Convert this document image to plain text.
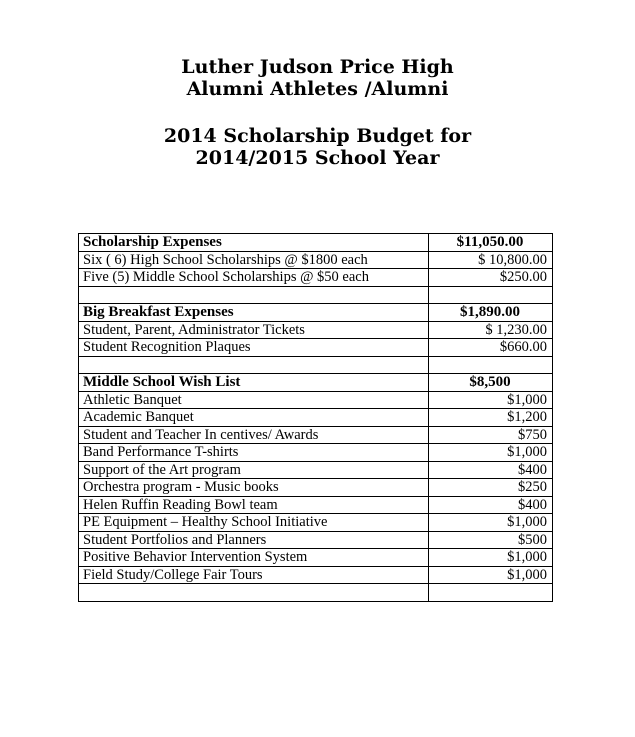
Luther Judson Price High
Alumni Athletes /Alumni
2014 Scholarship Budget for
2014/2015 School Year
Scholarship Expenses	$11,050.00
Six ( 6) High School Scholarships @ $1800 each	$ 10,800.00
Five (5) Middle School Scholarships @ $50 each	$250.00

Big Breakfast Expenses	$1,890.00
Student, Parent, Administrator Tickets	$ 1,230.00
Student Recognition Plaques	$660.00

Middle School Wish List	$8,500
Athletic Banquet	$1,000
Academic Banquet	$1,200
Student and Teacher In centives/ Awards	$750
Band Performance T-shirts	$1,000
Support of the Art program	$400
Orchestra program - Music books	$250
Helen Ruffin Reading Bowl team	$400
PE Equipment – Healthy School Initiative	$1,000
Student Portfolios and Planners	$500
Positive Behavior Intervention System	$1,000
Field Study/College Fair Tours	$1,000
